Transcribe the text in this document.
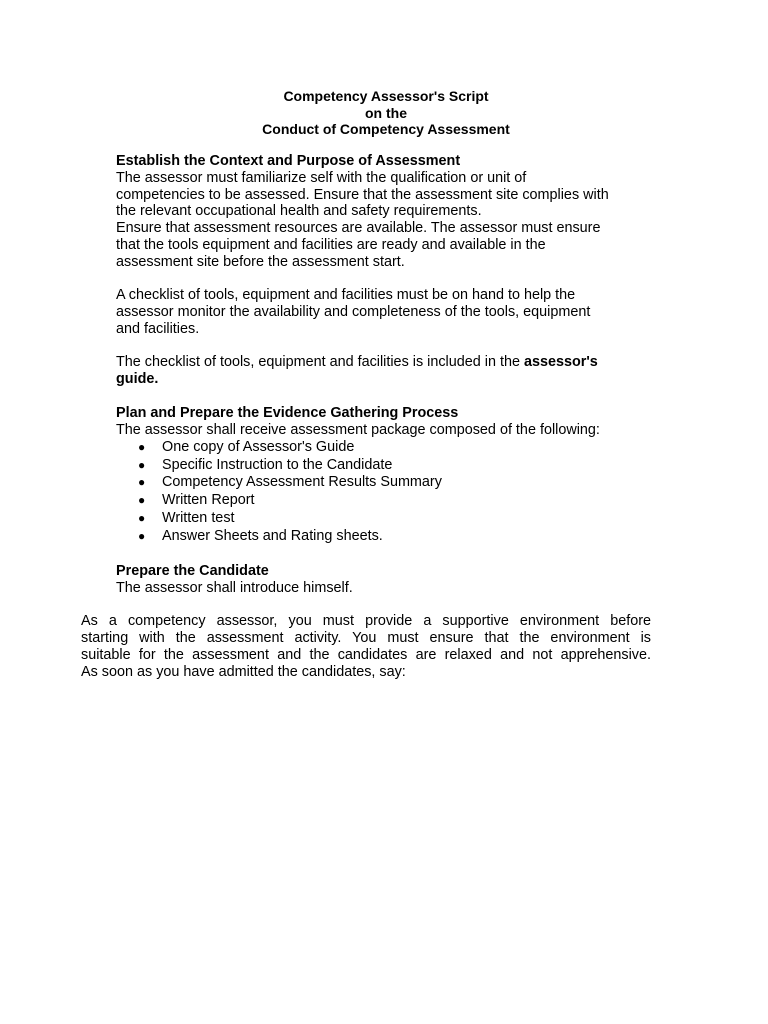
Competency Assessor's Script
on the
Conduct of Competency Assessment
Establish the Context and Purpose of Assessment
The assessor must familiarize self with the qualification or unit of
competencies to be assessed. Ensure that the assessment site complies with
the relevant occupational health and safety requirements.
Ensure that assessment resources are available. The assessor must ensure
that the tools equipment and facilities are ready and available in the
assessment site before the assessment start.
A checklist of tools, equipment and facilities must be on hand to help the
assessor monitor the availability and completeness of the tools, equipment
and facilities.
The checklist of tools, equipment and facilities is included in the assessor's
guide.
Plan and Prepare the Evidence Gathering Process
The assessor shall receive assessment package composed of the following:
● One copy of Assessor's Guide
● Specific Instruction to the Candidate
● Competency Assessment Results Summary
● Written Report
● Written test
● Answer Sheets and Rating sheets.
Prepare the Candidate
The assessor shall introduce himself.
As a competency assessor, you must provide a supportive environment before
starting with the assessment activity. You must ensure that the environment is
suitable for the assessment and the candidates are relaxed and not apprehensive.
As soon as you have admitted the candidates, say:
